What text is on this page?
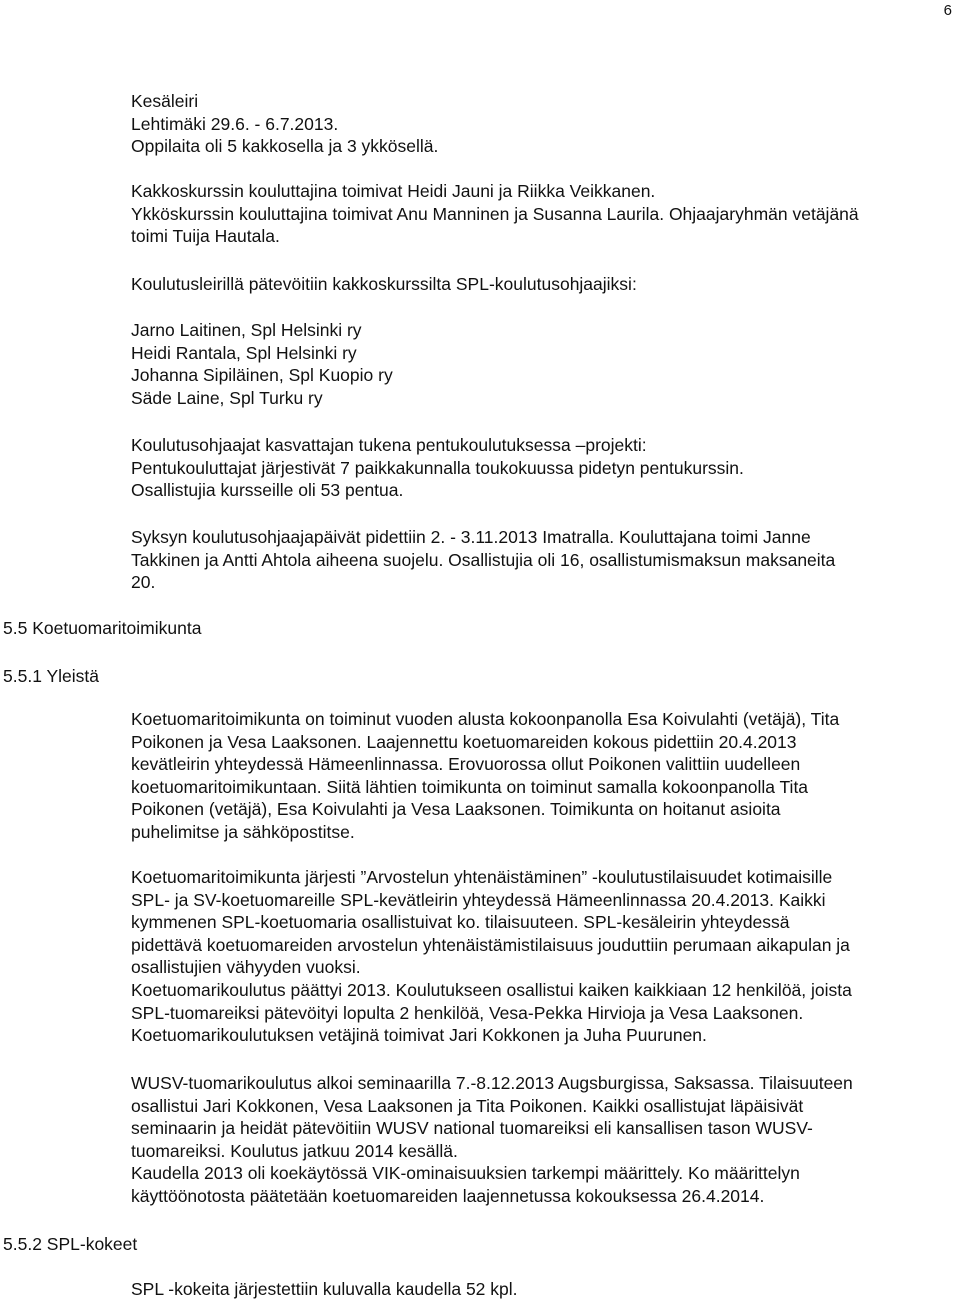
6
Kesäleiri
Lehtimäki 29.6. - 6.7.2013.
Oppilaita oli 5 kakkosella ja 3 ykkösellä.
Kakkoskurssin kouluttajina toimivat Heidi Jauni ja Riikka Veikkanen.
Ykköskurssin kouluttajina toimivat Anu Manninen ja Susanna Laurila. Ohjaajaryhmän vetäjänä
toimi Tuija Hautala.
Koulutusleirillä pätevöitiin kakkoskurssilta SPL-koulutusohjaajiksi:
Jarno Laitinen, Spl Helsinki ry
Heidi Rantala, Spl Helsinki ry
Johanna Sipiläinen, Spl Kuopio ry
Säde Laine, Spl Turku ry
Koulutusohjaajat kasvattajan tukena pentukoulutuksessa –projekti:
Pentukouluttajat järjestivät 7 paikkakunnalla toukokuussa pidetyn pentukurssin.
Osallistujia kursseille oli 53 pentua.
Syksyn koulutusohjaajapäivät pidettiin 2. - 3.11.2013 Imatralla. Kouluttajana toimi Janne
Takkinen ja Antti Ahtola aiheena suojelu. Osallistujia oli 16, osallistumismaksun maksaneita
20.
5.5 Koetuomaritoimikunta
5.5.1 Yleistä
Koetuomaritoimikunta on toiminut vuoden alusta kokoonpanolla Esa Koivulahti (vetäjä), Tita
Poikonen ja Vesa Laaksonen. Laajennettu koetuomareiden kokous pidettiin 20.4.2013
kevätleirin yhteydessä Hämeenlinnassa. Erovuorossa ollut Poikonen valittiin uudelleen
koetuomaritoimikuntaan. Siitä lähtien toimikunta on toiminut samalla kokoonpanolla Tita
Poikonen (vetäjä), Esa Koivulahti ja Vesa Laaksonen. Toimikunta on hoitanut asioita
puhelimitse ja sähköpostitse.
Koetuomaritoimikunta järjesti ”Arvostelun yhtenäistäminen” -koulutustilaisuudet kotimaisille
SPL- ja SV-koetuomareille SPL-kevätleirin yhteydessä Hämeenlinnassa 20.4.2013. Kaikki
kymmenen SPL-koetuomaria osallistuivat ko. tilaisuuteen. SPL-kesäleirin yhteydessä
pidettävä koetuomareiden arvostelun yhtenäistämistilaisuus jouduttiin perumaan aikapulan ja
osallistujien vähyyden vuoksi.
Koetuomarikoulutus päättyi 2013. Koulutukseen osallistui kaiken kaikkiaan 12 henkilöä, joista
SPL-tuomareiksi pätevöityi lopulta 2 henkilöä, Vesa-Pekka Hirvioja ja Vesa Laaksonen.
Koetuomarikoulutuksen vetäjinä toimivat Jari Kokkonen ja Juha Puurunen.
WUSV-tuomarikoulutus alkoi seminaarilla 7.-8.12.2013 Augsburgissa, Saksassa. Tilaisuuteen
osallistui Jari Kokkonen, Vesa Laaksonen ja Tita Poikonen. Kaikki osallistujat läpäisivät
seminaarin ja heidät pätevöitiin WUSV national tuomareiksi eli kansallisen tason WUSV-
tuomareiksi. Koulutus jatkuu 2014 kesällä.
Kaudella 2013 oli koekäytössä VIK-ominaisuuksien tarkempi määrittely. Ko määrittelyn
käyttöönotosta päätetään koetuomareiden laajennetussa kokouksessa 26.4.2014.
5.5.2 SPL-kokeet
SPL -kokeita järjestettiin kuluvalla kaudella 52 kpl.
